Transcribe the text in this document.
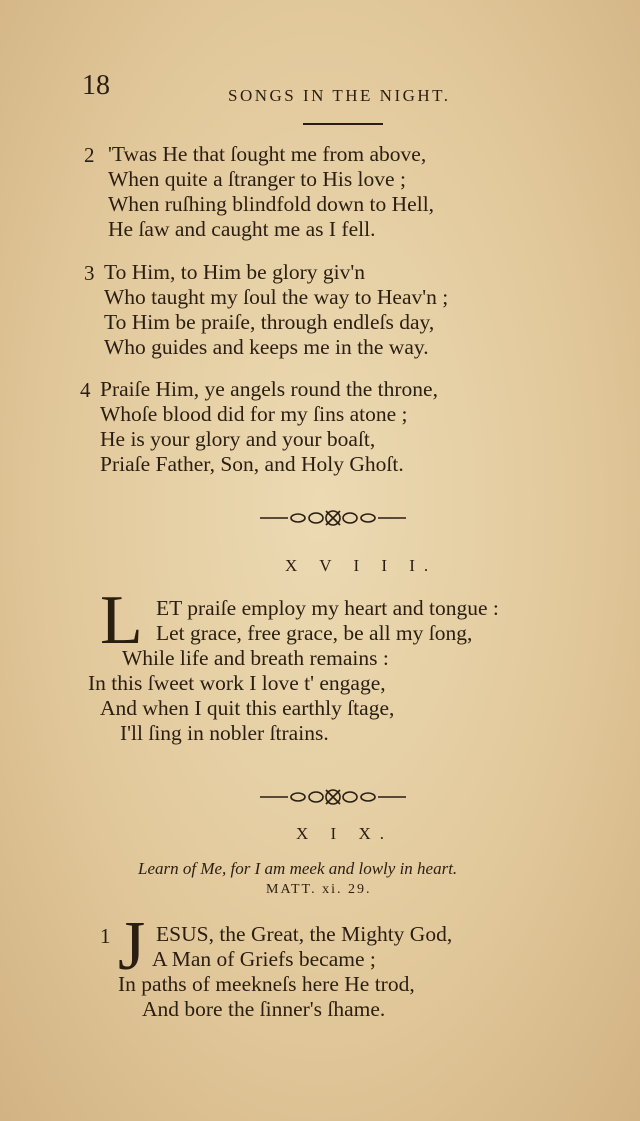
18	SONGS IN THE NIGHT.
2 'Twas He that ſought me from above,
When quite a ſtranger to His love ;
When ruſhing blindfold down to Hell,
He ſaw and caught me as I fell.
3 To Him, to Him be glory giv'n
Who taught my ſoul the way to Heav'n ;
To Him be praiſe, through endleſs day,
Who guides and keeps me in the way.
4 Praiſe Him, ye angels round the throne,
Whoſe blood did for my ſins atone ;
He is your glory and your boaſt,
Priaſe Father, Son, and Holy Ghoſt.
X V I I I.
L ET praiſe employ my heart and tongue :
Let grace, free grace, be all my ſong,
While life and breath remains :
In this ſweet work I love t' engage,
And when I quit this earthly ſtage,
I'll ſing in nobler ſtrains.
X I X.
Learn of Me, for I am meek and lowly in heart.
MATT. xi. 29.
1 J ESUS, the Great, the Mighty God,
A Man of Griefs became ;
In paths of meekneſs here He trod,
And bore the ſinner's ſhame.
